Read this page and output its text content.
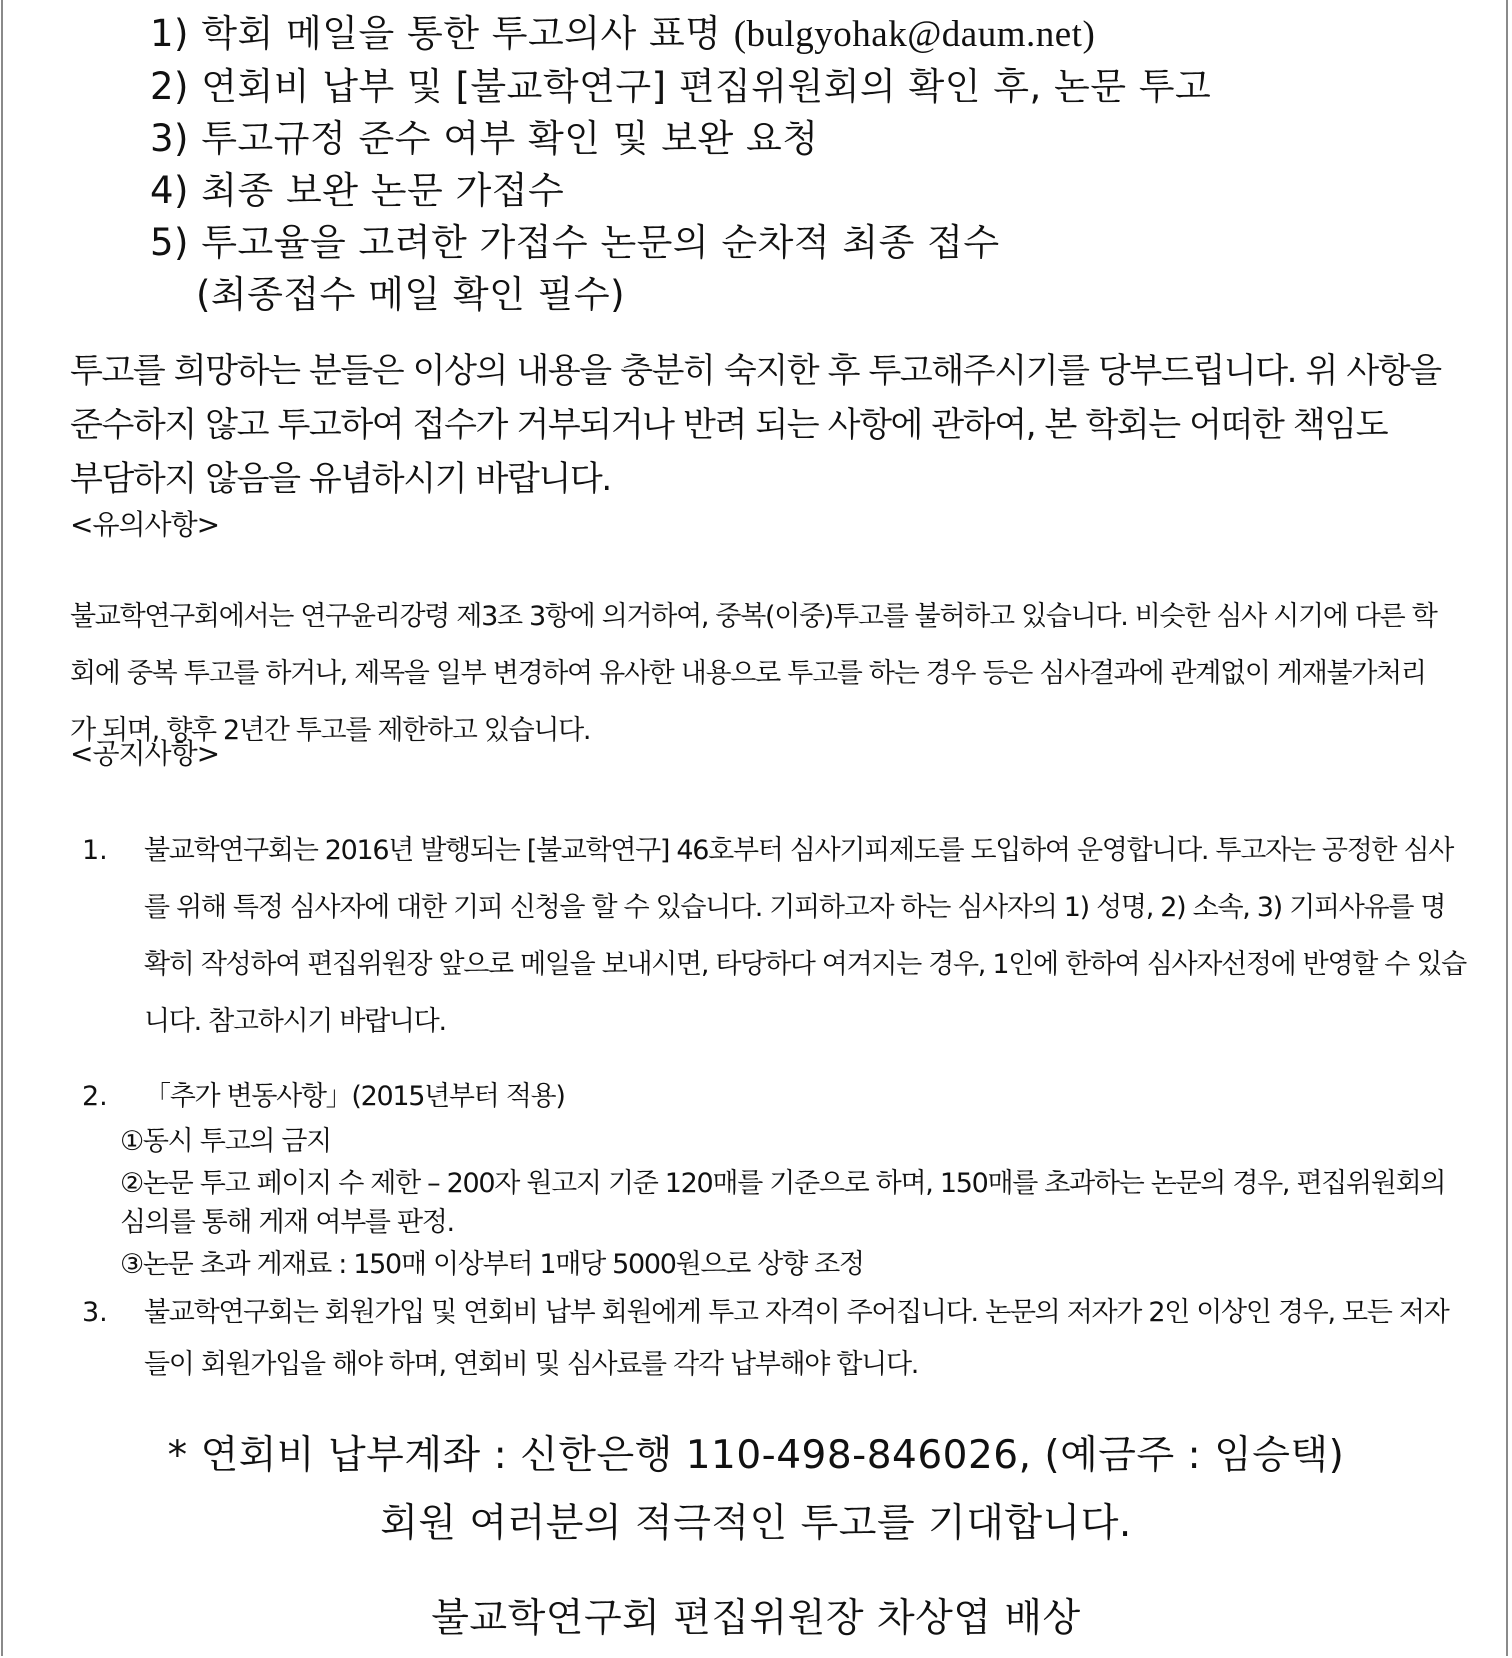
1) 학회 메일을 통한 투고의사 표명 (bulgyohak@daum.net)
2) 연회비 납부 및 [불교학연구] 편집위원회의 확인 후, 논문 투고
3) 투고규정 준수 여부 확인 및 보완 요청
4) 최종 보완 논문 가접수
5) 투고율을 고려한 가접수 논문의 순차적 최종 접수
(최종접수 메일 확인 필수)

투고를 희망하는 분들은 이상의 내용을 충분히 숙지한 후 투고해주시기를 당부드립니다. 위 사항을 준수하지 않고 투고하여 접수가 거부되거나 반려 되는 사항에 관하여, 본 학회는 어떠한 책임도 부담하지 않음을 유념하시기 바랍니다.

<유의사항>

불교학연구회에서는 연구윤리강령 제3조 3항에 의거하여, 중복(이중)투고를 불허하고 있습니다. 비슷한 심사 시기에 다른 학회에 중복 투고를 하거나, 제목을 일부 변경하여 유사한 내용으로 투고를 하는 경우 등은 심사결과에 관계없이 게재불가처리가 되며, 향후 2년간 투고를 제한하고 있습니다.

<공지사항>

1.	불교학연구회는 2016년 발행되는 [불교학연구] 46호부터 심사기피제도를 도입하여 운영합니다. 투고자는 공정한 심사를 위해 특정 심사자에 대한 기피 신청을 할 수 있습니다. 기피하고자 하는 심사자의 1) 성명, 2) 소속, 3) 기피사유를 명확히 작성하여 편집위원장 앞으로 메일을 보내시면, 타당하다 여겨지는 경우, 1인에 한하여 심사자선정에 반영할 수 있습니다. 참고하시기 바랍니다.
2.	「추가 변동사항」(2015년부터 적용)
①동시 투고의 금지
②논문 투고 페이지 수 제한 – 200자 원고지 기준 120매를 기준으로 하며, 150매를 초과하는 논문의 경우, 편집위원회의 심의를 통해 게재 여부를 판정.
③논문 초과 게재료 : 150매 이상부터 1매당 5000원으로 상향 조정
3.	불교학연구회는 회원가입 및 연회비 납부 회원에게 투고 자격이 주어집니다. 논문의 저자가 2인 이상인 경우, 모든 저자들이 회원가입을 해야 하며, 연회비 및 심사료를 각각 납부해야 합니다.
* 연회비 납부계좌 : 신한은행 110-498-846026, (예금주 : 임승택)
회원 여러분의 적극적인 투고를 기대합니다.
불교학연구회 편집위원장 차상엽 배상
